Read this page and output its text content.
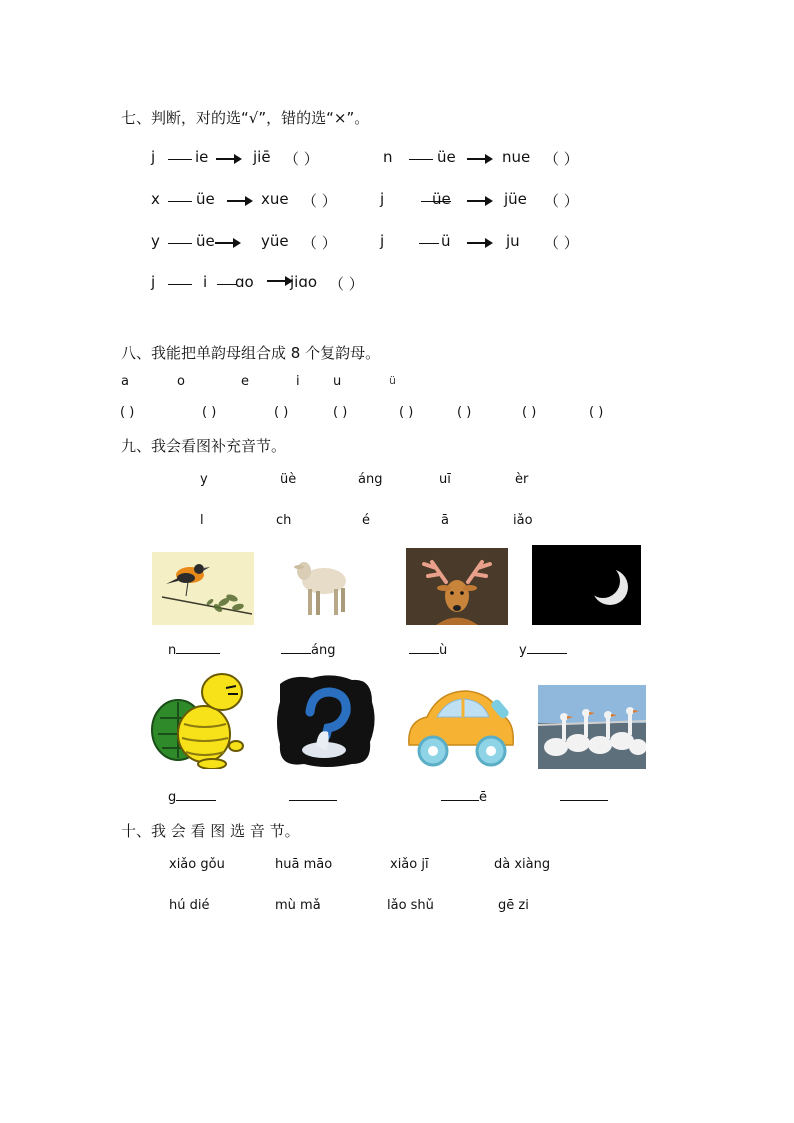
七、判断，对的选“√”，错的选“×”。
j	ie	jiē （ ）	n	üe	nue （ ）
x üe	xue （ ）	j	üe	jüe （ ）
y üe	yüe （ ）	j	ü	ju （ ）
j	i ɑo jiɑo （ ）
八、我能把单韵母组合成 8 个复韵母。
a	o	e	i	u	ü
( )	( )	( )	( )	( )	( )	( )	( )
九、我会看图补充音节。
y	üè	áng	uī	èr
l	ch	é	ā	iǎo
n	áng	ù	y
g	ē
十、我 会 看 图 选 音 节。
xiǎo gǒu	huā māo	xiǎo jī	dà xiàng
hú dié	mù mǎ	lǎo shǔ	gē zi
